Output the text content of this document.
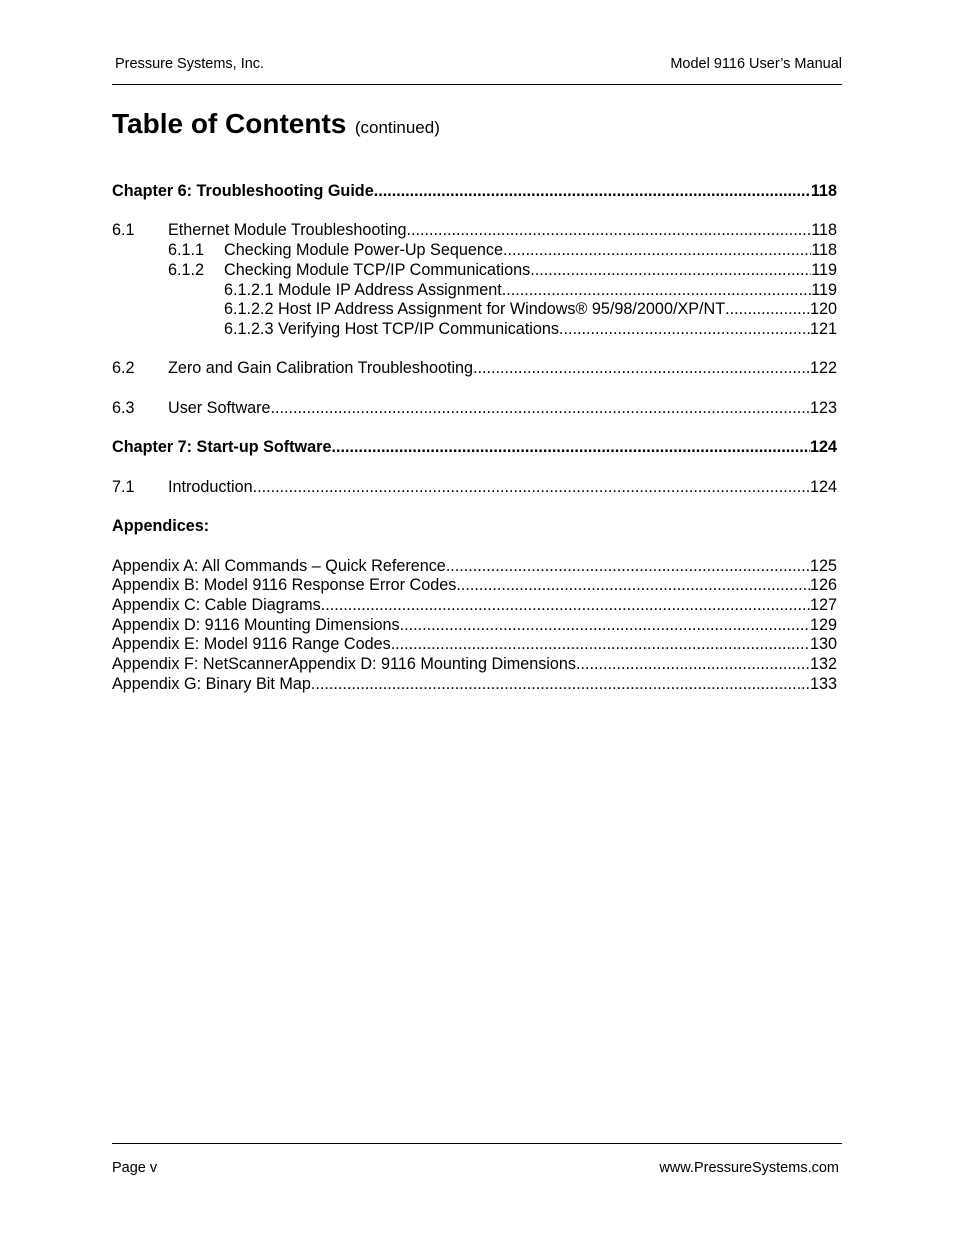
Pressure Systems, Inc.	Model 9116 User’s Manual
Table of Contents (continued)
Chapter 6: Troubleshooting Guide .....	118
6.1	Ethernet Module Troubleshooting .....	118
6.1.1	Checking Module Power-Up Sequence .....	118
6.1.2	Checking Module TCP/IP Communications .....	119
6.1.2.1 Module IP Address Assignment .....	119
6.1.2.2 Host IP Address Assignment for Windows® 95/98/2000/XP/NT .....	120
6.1.2.3 Verifying Host TCP/IP Communications .....	121
6.2	Zero and Gain Calibration Troubleshooting .....	122
6.3	User Software .....	123
Chapter 7: Start-up Software .....	124
7.1	Introduction .....	124
Appendices:
Appendix A: All Commands – Quick Reference .....	125
Appendix B: Model 9116 Response Error Codes .....	126
Appendix C: Cable Diagrams .....	127
Appendix D: 9116 Mounting Dimensions .....	129
Appendix E: Model 9116 Range Codes .....	130
Appendix F: NetScannerAppendix D: 9116 Mounting Dimensions .....	132
Appendix G: Binary Bit Map .....	133
Page v	www.PressureSystems.com
